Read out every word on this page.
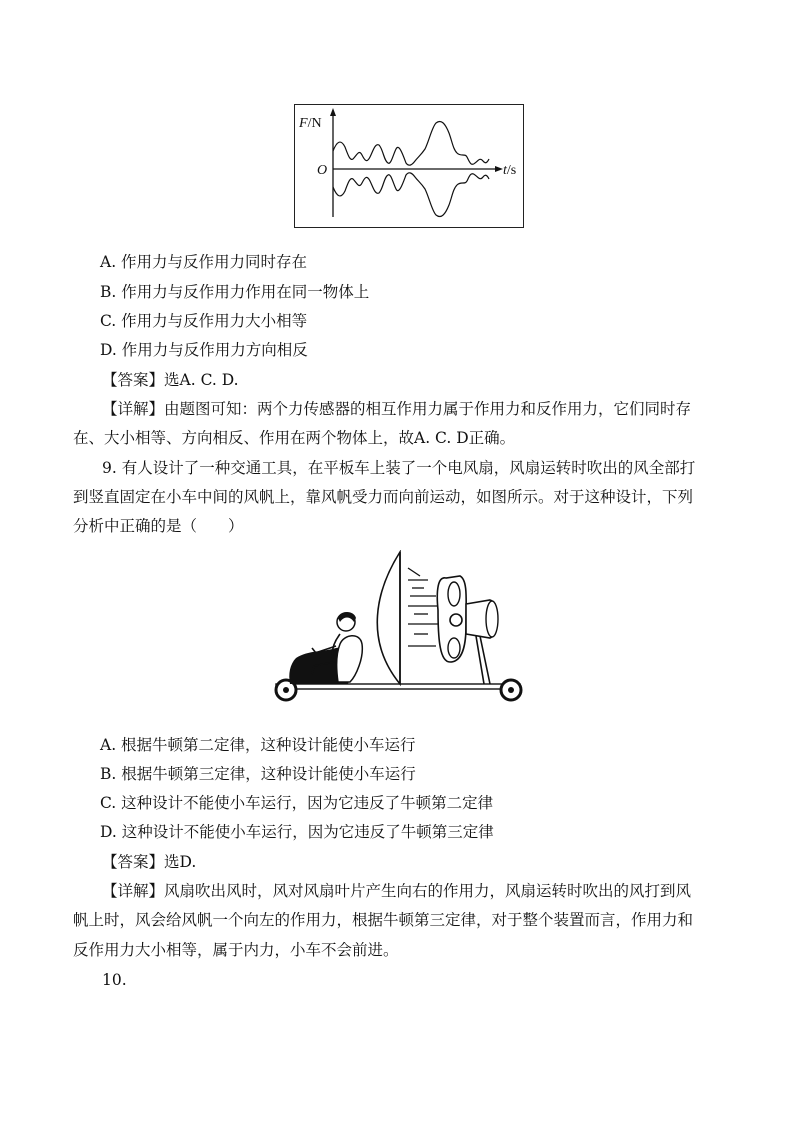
F/N
O	t/s
A. 作用力与反作用力同时存在
B. 作用力与反作用力作用在同一物体上
C. 作用力与反作用力大小相等
D. 作用力与反作用力方向相反
【答案】选A. C. D.
【详解】由题图可知：两个力传感器的相互作用力属于作用力和反作用力，它们同时存
在、大小相等、方向相反、作用在两个物体上，故A. C. D正确。
9. 有人设计了一种交通工具，在平板车上装了一个电风扇，风扇运转时吹出的风全部打
到竖直固定在小车中间的风帆上，靠风帆受力而向前运动，如图所示。对于这种设计，下列
分析中正确的是（　　）
A. 根据牛顿第二定律，这种设计能使小车运行
B. 根据牛顿第三定律，这种设计能使小车运行
C. 这种设计不能使小车运行，因为它违反了牛顿第二定律
D. 这种设计不能使小车运行，因为它违反了牛顿第三定律
【答案】选D.
【详解】风扇吹出风时，风对风扇叶片产生向右的作用力，风扇运转时吹出的风打到风
帆上时，风会给风帆一个向左的作用力，根据牛顿第三定律，对于整个装置而言，作用力和
反作用力大小相等，属于内力，小车不会前进。
10.
